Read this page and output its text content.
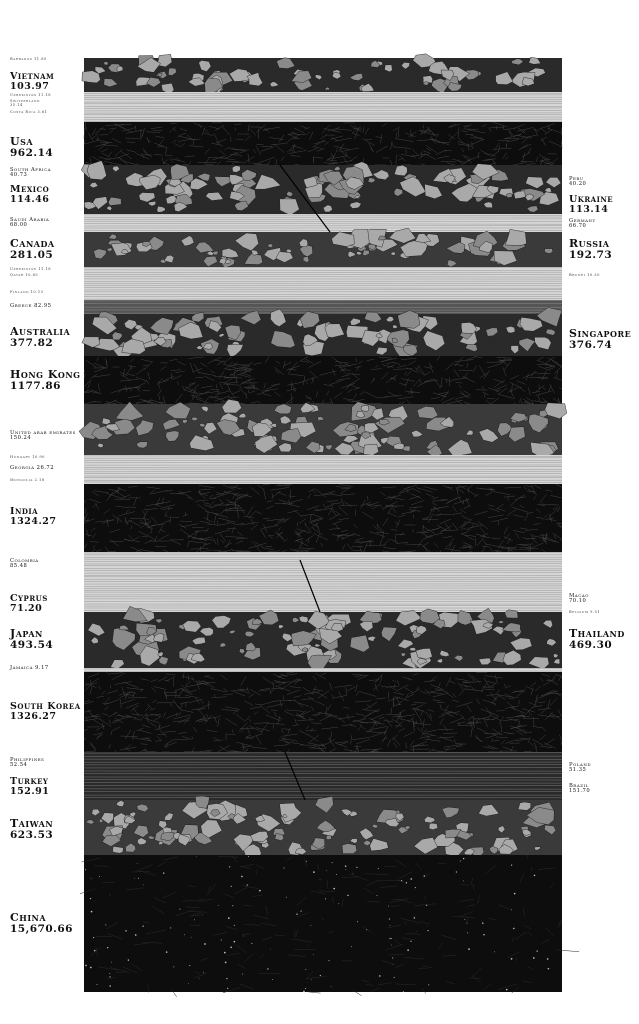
Barbados 11.85
Vietnam
103.97
Uzbekistan 11.18
Switzerland
35.14
Costa Rica 3.61
Usa
962.14
South Africa
40.73
Mexico
114.46
Saudi Arabia
68.00
Canada
281.05
Uzbekistan 11.18
Qatar 10.85
Finland 10.13
Greece 82.95
Australia
377.82
Hong Kong
1177.86
United arab emirates
150.24
Hungary 10.90
Georgia 26.72
Mongolia 2.18
India
1324.27
Colombia
85.48
Cyprus
71.20
Japan
493.54
Jamaica 9.17
South Korea
1326.27
Philippines
52.54
Turkey
152.91
Taiwan
623.53
China
15,670.66
Peru
40.20
Ukraine
113.14
Germany
66.70
Russia
192.73
Brunei 10.30
Singapore
376.74
Macao
70.10
Belgium 9.51
Thailand
469.30
Poland
51.35
Brazil
151.70
